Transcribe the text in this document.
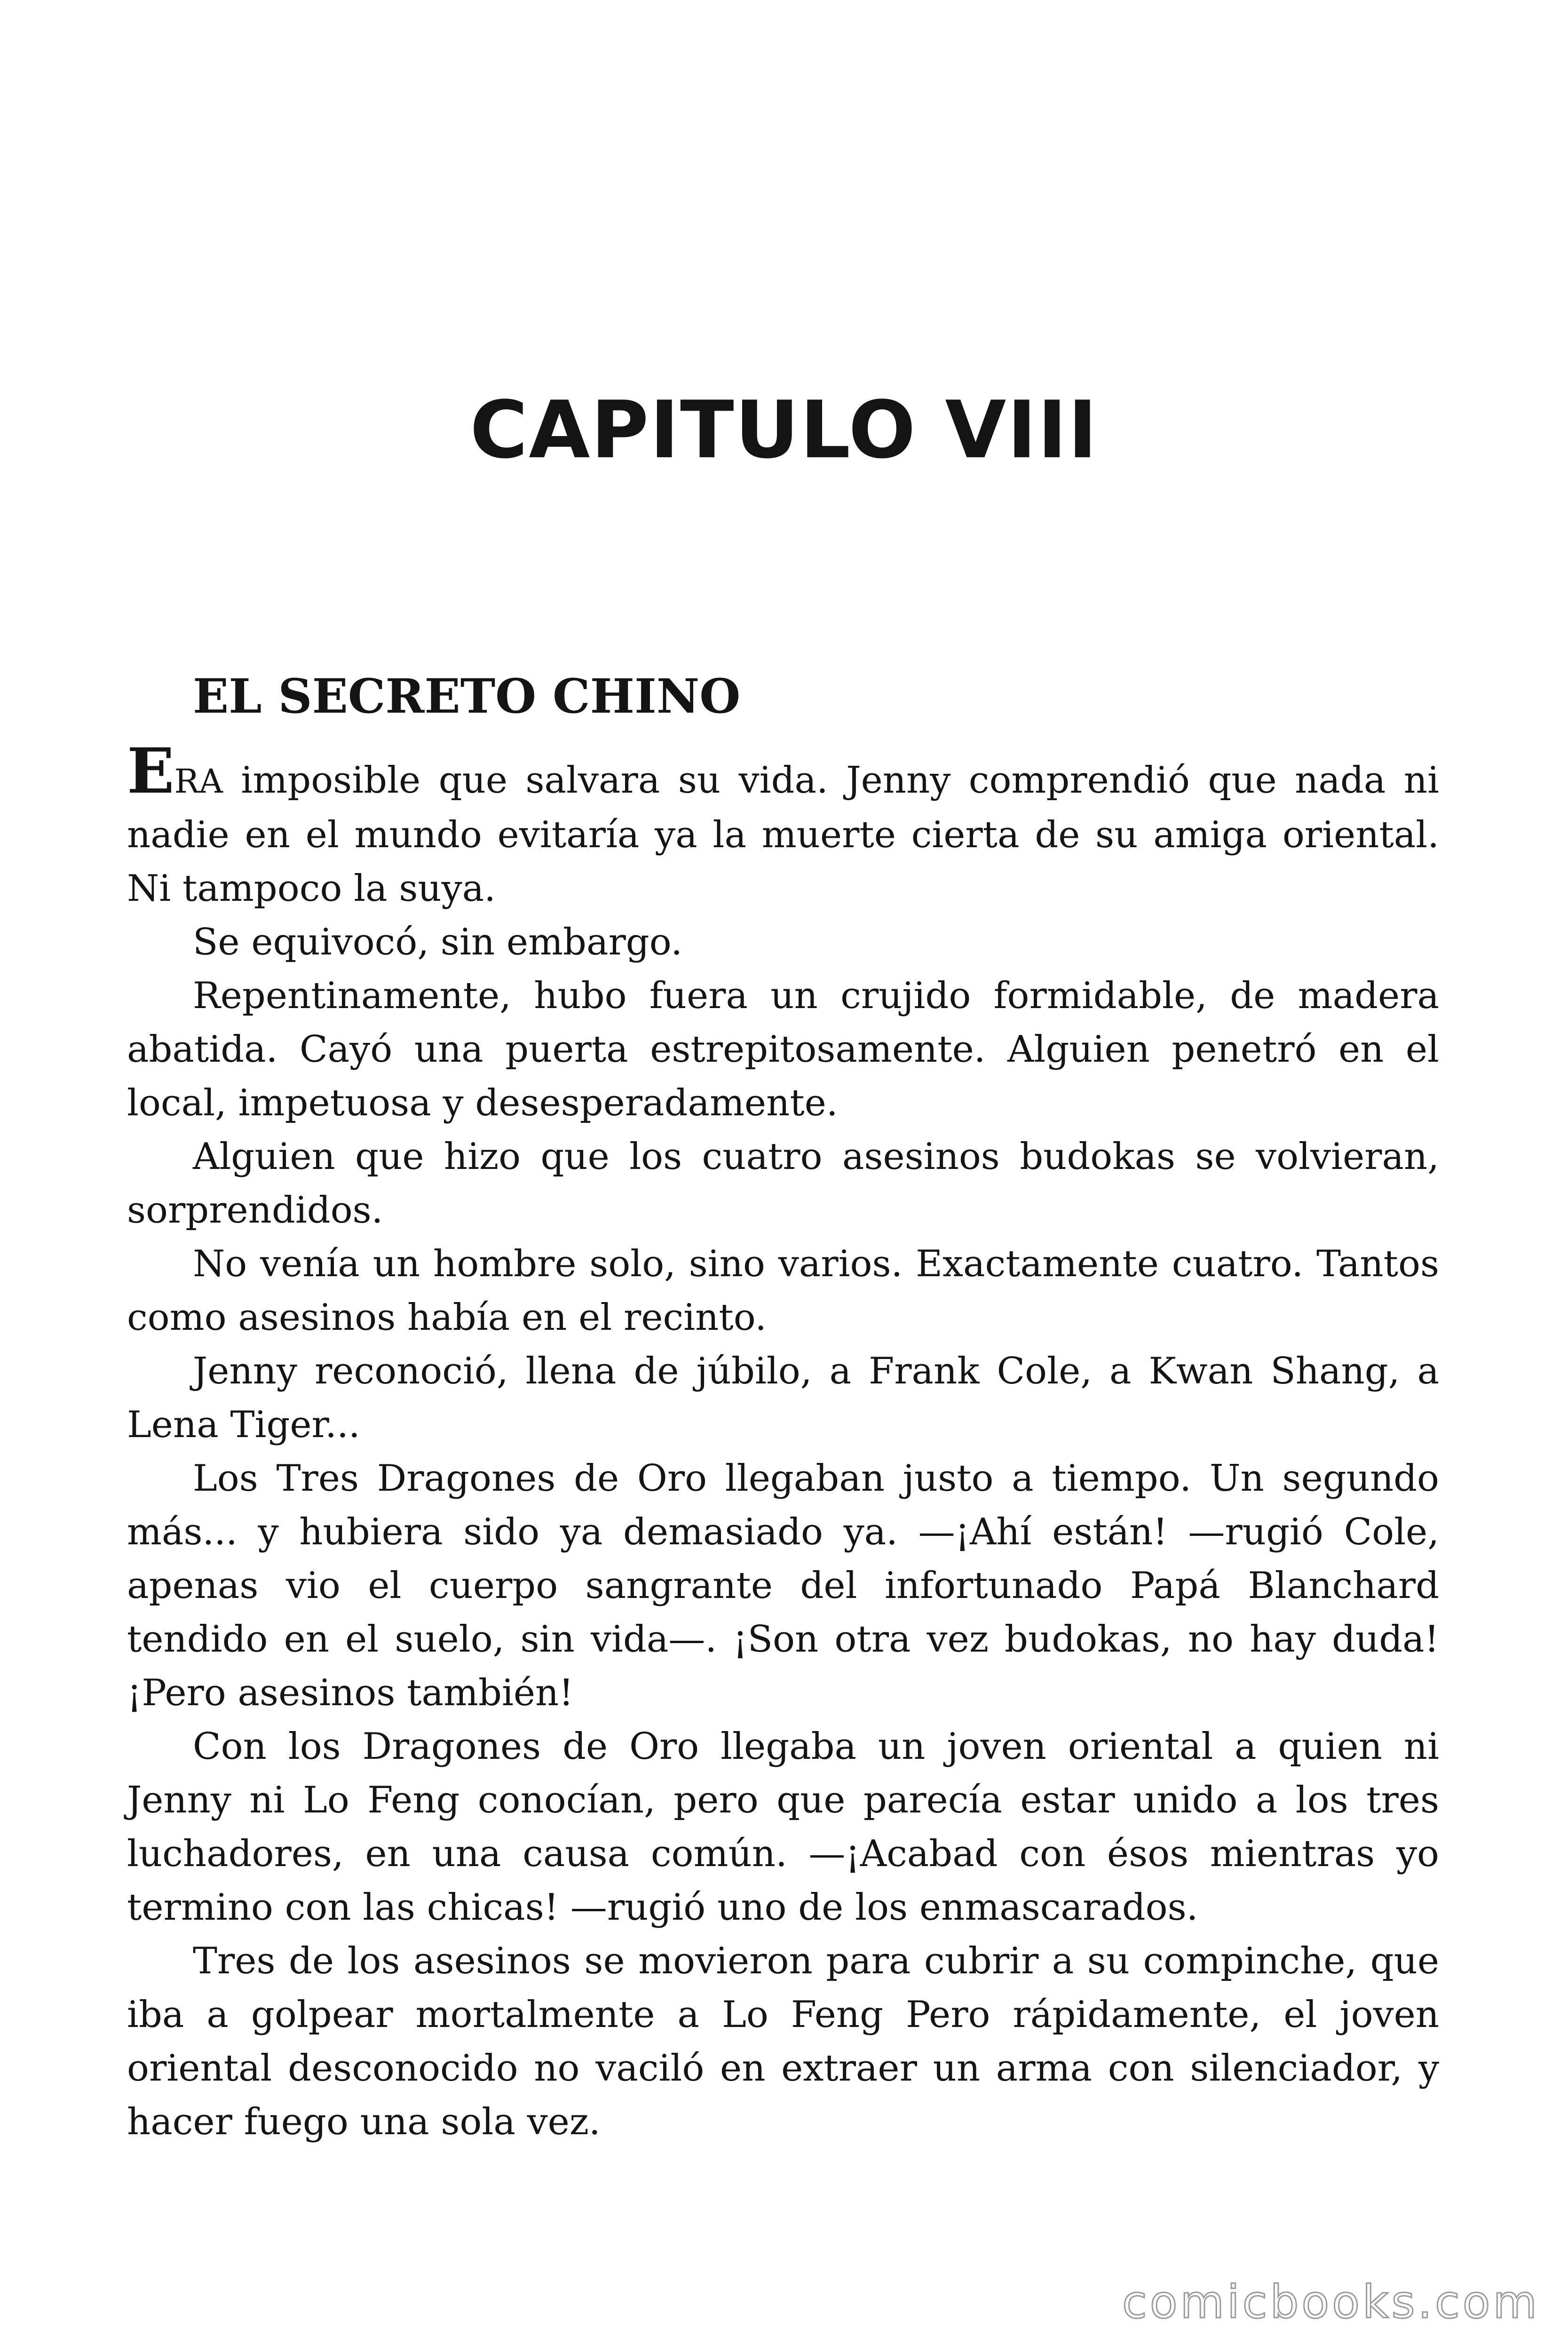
CAPITULO VIII
EL SECRETO CHINO

ERA imposible que salvara su vida. Jenny comprendió que nada ni nadie en el mundo evitaría ya la muerte cierta de su amiga oriental. Ni tampoco la suya.

Se equivocó, sin embargo.

Repentinamente, hubo fuera un crujido formidable, de madera abatida. Cayó una puerta estrepitosamente. Alguien penetró en el local, impetuosa y desesperadamente.

Alguien que hizo que los cuatro asesinos budokas se volvieran, sorprendidos.

No venía un hombre solo, sino varios. Exactamente cuatro. Tantos como asesinos había en el recinto.

Jenny reconoció, llena de júbilo, a Frank Cole, a Kwan Shang, a Lena Tiger...

Los Tres Dragones de Oro llegaban justo a tiempo. Un segundo más... y hubiera sido ya demasiado ya. —¡Ahí están! —rugió Cole, apenas vio el cuerpo sangrante del infortunado Papá Blanchard tendido en el suelo, sin vida—. ¡Son otra vez budokas, no hay duda! ¡Pero asesinos también!

Con los Dragones de Oro llegaba un joven oriental a quien ni Jenny ni Lo Feng conocían, pero que parecía estar unido a los tres luchadores, en una causa común. —¡Acabad con ésos mientras yo termino con las chicas! —rugió uno de los enmascarados.

Tres de los asesinos se movieron para cubrir a su compinche, que iba a golpear mortalmente a Lo Feng Pero rápidamente, el joven oriental desconocido no vaciló en extraer un arma con silenciador, y hacer fuego una sola vez.

comicbooks.com
